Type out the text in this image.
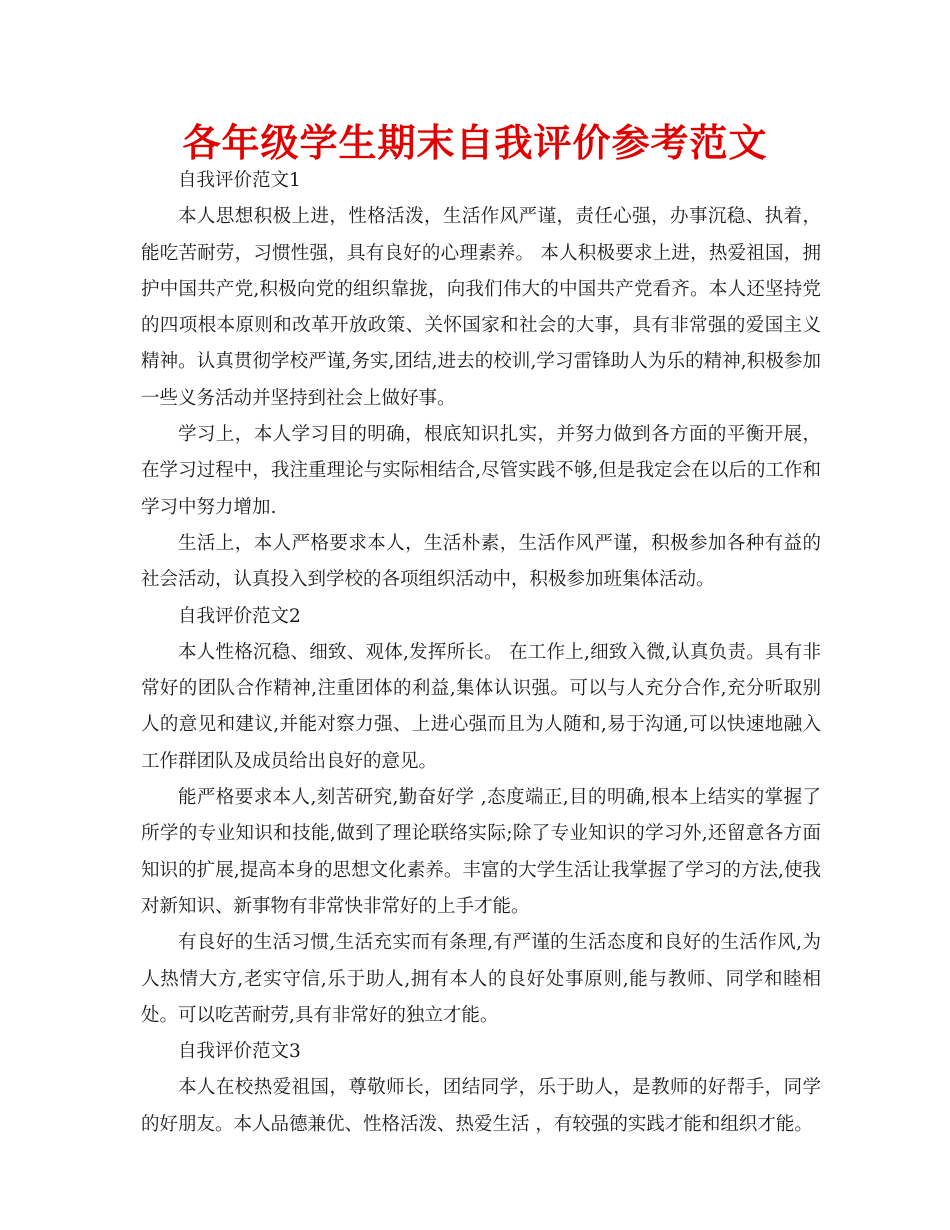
各年级学生期末自我评价参考范文

自我评价范文1

本人思想积极上进，性格活泼，生活作风严谨，责任心强，办事沉稳、执着，能吃苦耐劳，习惯性强，具有良好的心理素养。 本人积极要求上进，热爱祖国，拥护中国共产党,积极向党的组织靠拢，向我们伟大的中国共产党看齐。本人还坚持党的四项根本原则和改革开放政策、关怀国家和社会的大事，具有非常强的爱国主义精神。认真贯彻学校严谨,务实,团结,进去的校训,学习雷锋助人为乐的精神,积极参加一些义务活动并坚持到社会上做好事。

学习上，本人学习目的明确，根底知识扎实，并努力做到各方面的平衡开展，在学习过程中，我注重理论与实际相结合,尽管实践不够,但是我定会在以后的工作和学习中努力增加.

生活上，本人严格要求本人，生活朴素，生活作风严谨，积极参加各种有益的社会活动，认真投入到学校的各项组织活动中，积极参加班集体活动。

自我评价范文2

本人性格沉稳、细致、观体,发挥所长。 在工作上,细致入微,认真负责。具有非常好的团队合作精神,注重团体的利益,集体认识强。可以与人充分合作,充分听取别人的意见和建议,并能对察力强、上进心强而且为人随和,易于沟通,可以快速地融入工作群团队及成员给出良好的意见。

能严格要求本人,刻苦研究,勤奋好学 ,态度端正,目的明确,根本上结实的掌握了所学的专业知识和技能,做到了理论联络实际;除了专业知识的学习外,还留意各方面知识的扩展,提高本身的思想文化素养。丰富的大学生活让我掌握了学习的方法,使我对新知识、新事物有非常快非常好的上手才能。

有良好的生活习惯,生活充实而有条理,有严谨的生活态度和良好的生活作风,为人热情大方,老实守信,乐于助人,拥有本人的良好处事原则,能与教师、同学和睦相处。可以吃苦耐劳,具有非常好的独立才能。

自我评价范文3

本人在校热爱祖国，尊敬师长，团结同学，乐于助人，是教师的好帮手，同学的好朋友。本人品德兼优、性格活泼、热爱生活 ，有较强的实践才能和组织才能。
